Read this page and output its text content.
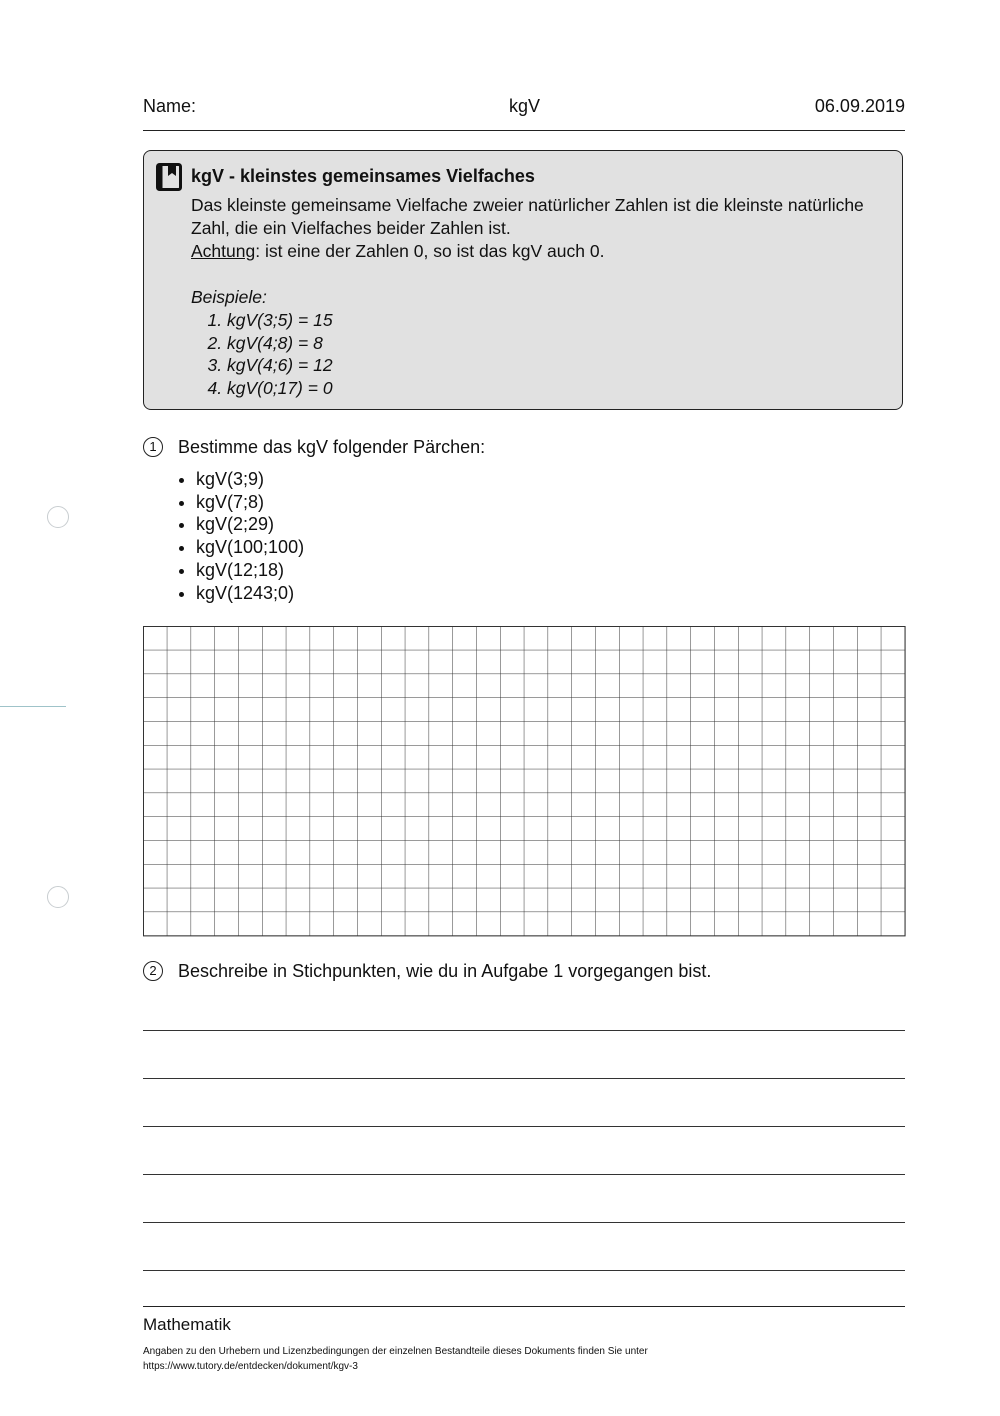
Name:	kgV	06.09.2019
kgV - kleinstes gemeinsames Vielfaches

Das kleinste gemeinsame Vielfache zweier natürlicher Zahlen ist die kleinste natürliche Zahl, die ein Vielfaches beider Zahlen ist.

Achtung: ist eine der Zahlen 0, so ist das kgV auch 0.

Beispiele:

1. kgV(3;5) = 15
2. kgV(4;8) = 8
3. kgV(4;6) = 12
4. kgV(0;17) = 0
1	Bestimme das kgV folgender Pärchen:
• kgV(3;9)
• kgV(7;8)
• kgV(2;29)
• kgV(100;100)
• kgV(12;18)
• kgV(1243;0)
2	Beschreibe in Stichpunkten, wie du in Aufgabe 1 vorgegangen bist.
Mathematik
Angaben zu den Urhebern und Lizenzbedingungen der einzelnen Bestandteile dieses Dokuments finden Sie unter
https://www.tutory.de/entdecken/dokument/kgv-3
